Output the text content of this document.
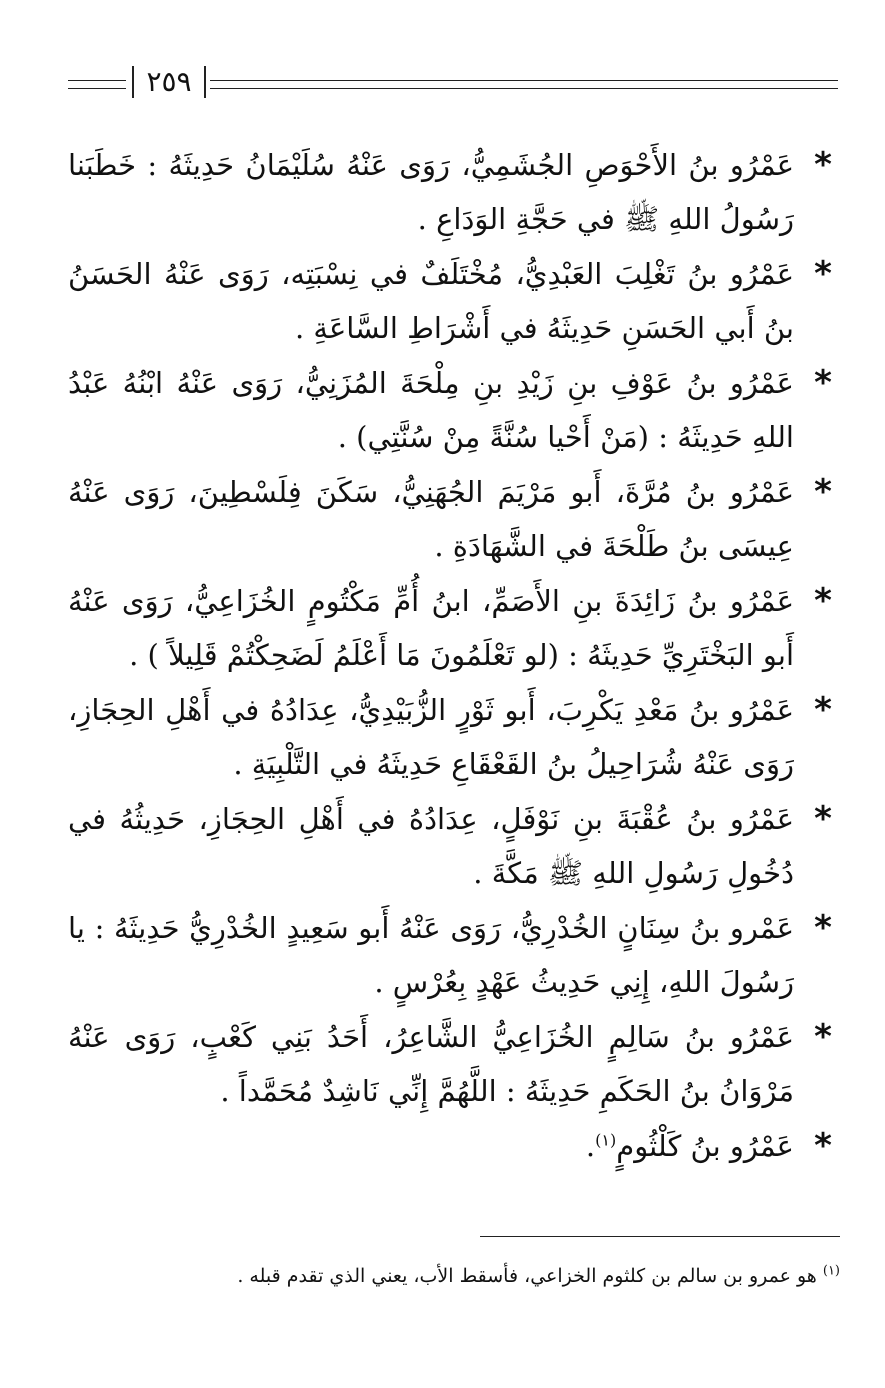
٢٥٩
*
عَمْرُو بنُ الأَحْوَصِ الجُشَمِيُّ، رَوَى عَنْهُ سُلَيْمَانُ حَدِيثَهُ : خَطَبَنا رَسُولُ اللهِ ﷺ في حَجَّةِ الوَدَاعِ .
*
عَمْرُو بنُ تَغْلِبَ العَبْدِيُّ، مُخْتَلَفٌ في نِسْبَتِه، رَوَى عَنْهُ الحَسَنُ بنُ أَبي الحَسَنِ حَدِيثَهُ في أَشْرَاطِ السَّاعَةِ .
*
عَمْرُو بنُ عَوْفِ بنِ زَيْدِ بنِ مِلْحَةَ المُزَنِيُّ، رَوَى عَنْهُ ابْنُهُ عَبْدُ اللهِ حَدِيثَهُ : (مَنْ أَحْيا سُنَّةً مِنْ سُنَّتِي) .
*
عَمْرُو بنُ مُرَّةَ، أَبو مَرْيَمَ الجُهَنِيُّ، سَكَنَ فِلَسْطِينَ، رَوَى عَنْهُ عِيسَى بنُ طَلْحَةَ في الشَّهَادَةِ .
*
عَمْرُو بنُ زَائِدَةَ بنِ الأَصَمِّ، ابنُ أُمِّ مَكْتُومٍ الخُزَاعِيُّ، رَوَى عَنْهُ أَبو البَخْتَرِيِّ حَدِيثَهُ : (لو تَعْلَمُونَ مَا أَعْلَمُ لَضَحِكْتُمْ قَلِيلاً ) .
*
عَمْرُو بنُ مَعْدِ يَكْرِبَ، أَبو ثَوْرٍ الزُّبَيْدِيُّ، عِدَادُهُ في أَهْلِ الحِجَازِ، رَوَى عَنْهُ شُرَاحِيلُ بنُ القَعْقَاعِ حَدِيثَهُ في التَّلْبِيَةِ .
*
عَمْرُو بنُ عُقْبَةَ بنِ نَوْفَلٍ، عِدَادُهُ في أَهْلِ الحِجَازِ، حَدِيثُهُ في دُخُولِ رَسُولِ اللهِ ﷺ مَكَّةَ .
*
عَمْرو بنُ سِنَانٍ الخُدْرِيُّ، رَوَى عَنْهُ أَبو سَعِيدٍ الخُدْرِيُّ حَدِيثَهُ : يا رَسُولَ اللهِ، إِنِي حَدِيثُ عَهْدٍ بِعُرْسٍ .
*
عَمْرُو بنُ سَالِمٍ الخُزَاعِيُّ الشَّاعِرُ، أَحَدُ بَنِي كَعْبٍ، رَوَى عَنْهُ مَرْوَانُ بنُ الحَكَمِ حَدِيثَهُ : اللَّهُمَّ إِنِّي نَاشِدٌ مُحَمَّداً .
*
عَمْرُو بنُ كَلْثُومٍ$^{(١)}$.
$^{(١)}$ هو عمرو بن سالم بن كلثوم الخزاعي، فأسقط الأب، يعني الذي تقدم قبله .
